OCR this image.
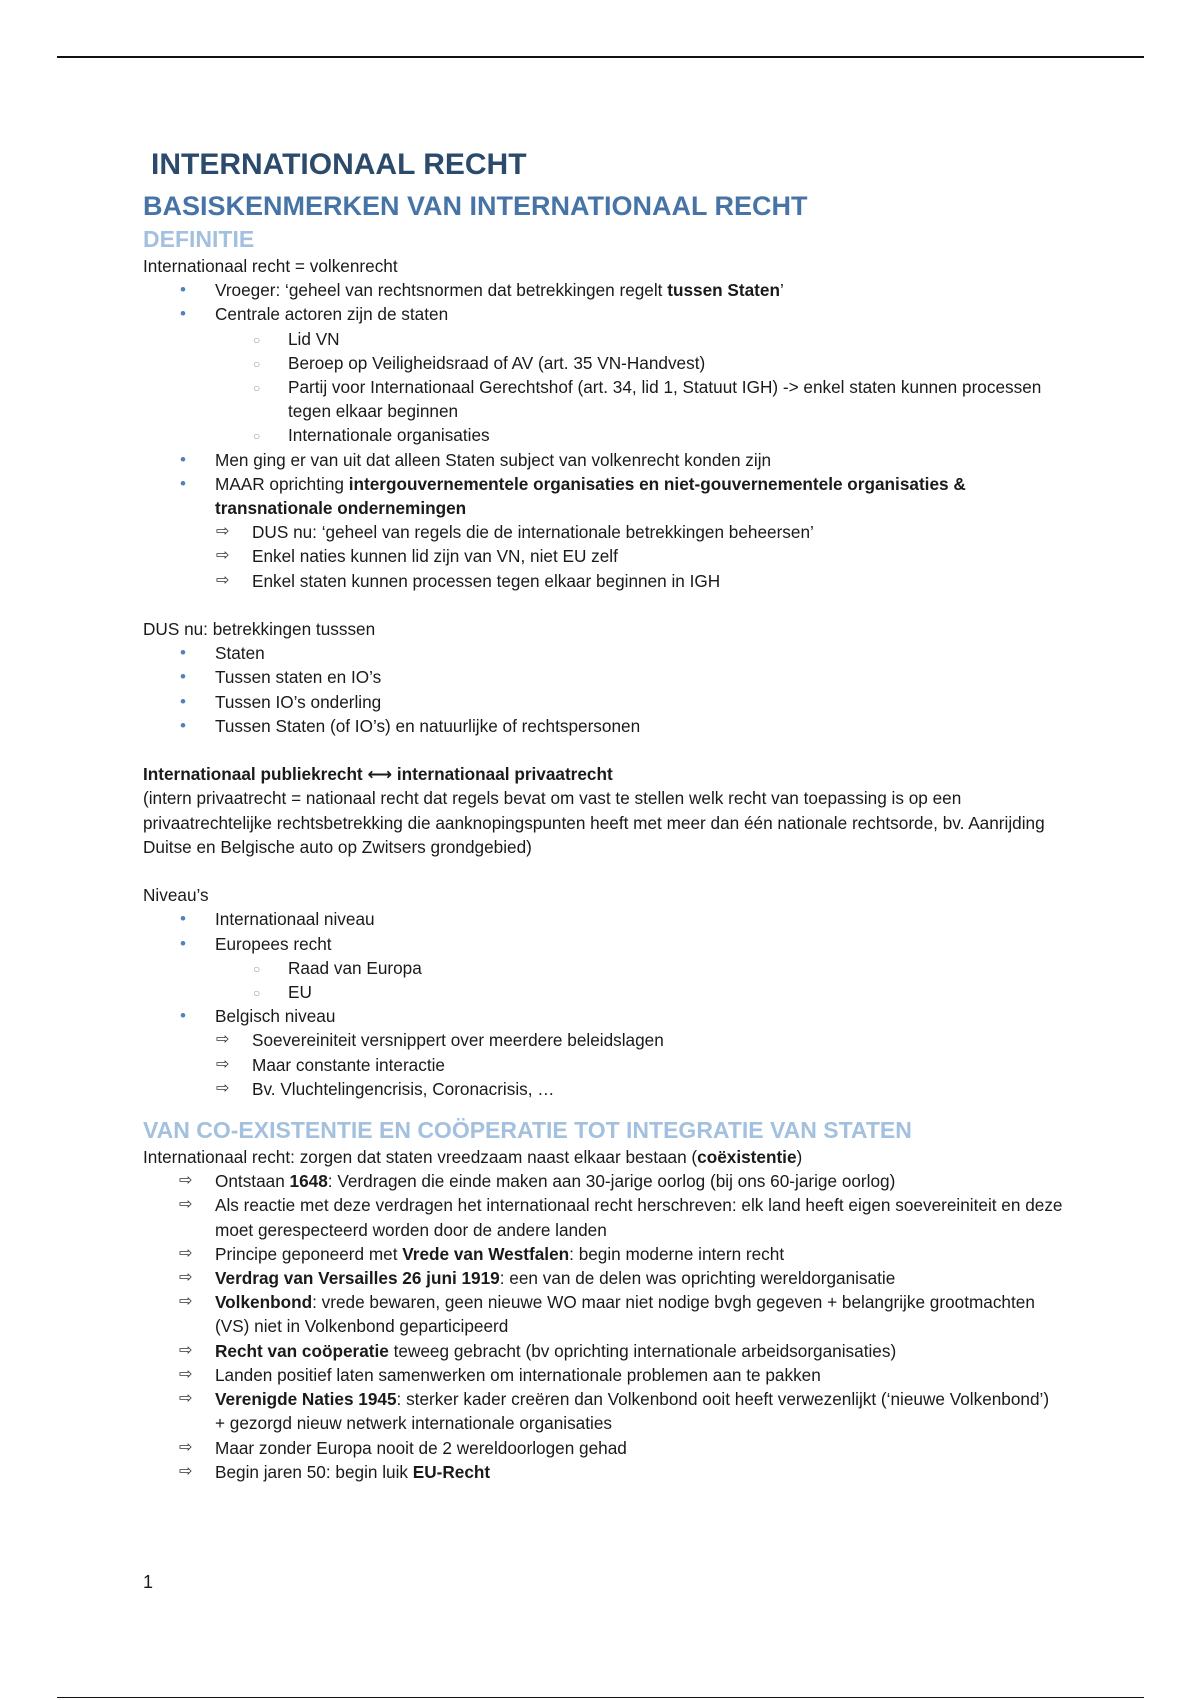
INTERNATIONAAL RECHT
BASISKENMERKEN VAN INTERNATIONAAL RECHT
DEFINITIE

Internationaal recht = volkenrecht

• Vroeger: ‘geheel van rechtsnormen dat betrekkingen regelt tussen Staten’
• Centrale actoren zijn de staten
○ Lid VN
○ Beroep op Veiligheidsraad of AV (art. 35 VN-Handvest)
○ Partij voor Internationaal Gerechtshof (art. 34, lid 1, Statuut IGH) -> enkel staten kunnen processen tegen elkaar beginnen
○ Internationale organisaties
• Men ging er van uit dat alleen Staten subject van volkenrecht konden zijn
• MAAR oprichting intergouvernementele organisaties en niet-gouvernementele organisaties & transnationale ondernemingen
⇨ DUS nu: ‘geheel van regels die de internationale betrekkingen beheersen’
⇨ Enkel naties kunnen lid zijn van VN, niet EU zelf
⇨ Enkel staten kunnen processen tegen elkaar beginnen in IGH

DUS nu: betrekkingen tusssen

• Staten
• Tussen staten en IO’s
• Tussen IO’s onderling
• Tussen Staten (of IO’s) en natuurlijke of rechtspersonen

Internationaal publiekrecht ⟷ internationaal privaatrecht

(intern privaatrecht = nationaal recht dat regels bevat om vast te stellen welk recht van toepassing is op een privaatrechtelijke rechtsbetrekking die aanknopingspunten heeft met meer dan één nationale rechtsorde, bv. Aanrijding Duitse en Belgische auto op Zwitsers grondgebied)

Niveau’s

• Internationaal niveau
• Europees recht
○ Raad van Europa
○ EU
• Belgisch niveau
⇨ Soevereiniteit versnippert over meerdere beleidslagen
⇨ Maar constante interactie
⇨ Bv. Vluchtelingencrisis, Coronacrisis, …
VAN CO-EXISTENTIE EN COÖPERATIE TOT INTEGRATIE VAN STATEN

Internationaal recht: zorgen dat staten vreedzaam naast elkaar bestaan (coëxistentie)

⇨ Ontstaan 1648: Verdragen die einde maken aan 30-jarige oorlog (bij ons 60-jarige oorlog)
⇨ Als reactie met deze verdragen het internationaal recht herschreven: elk land heeft eigen soevereiniteit en deze moet gerespecteerd worden door de andere landen
⇨ Principe geponeerd met Vrede van Westfalen: begin moderne intern recht
⇨ Verdrag van Versailles 26 juni 1919: een van de delen was oprichting wereldorganisatie
⇨ Volkenbond: vrede bewaren, geen nieuwe WO maar niet nodige bvgh gegeven + belangrijke grootmachten (VS) niet in Volkenbond geparticipeerd
⇨ Recht van coöperatie teweeg gebracht (bv oprichting internationale arbeidsorganisaties)
⇨ Landen positief laten samenwerken om internationale problemen aan te pakken
⇨ Verenigde Naties 1945: sterker kader creëren dan Volkenbond ooit heeft verwezenlijkt (‘nieuwe Volkenbond’) + gezorgd nieuw netwerk internationale organisaties
⇨ Maar zonder Europa nooit de 2 wereldoorlogen gehad
⇨ Begin jaren 50: begin luik EU-Recht
1
